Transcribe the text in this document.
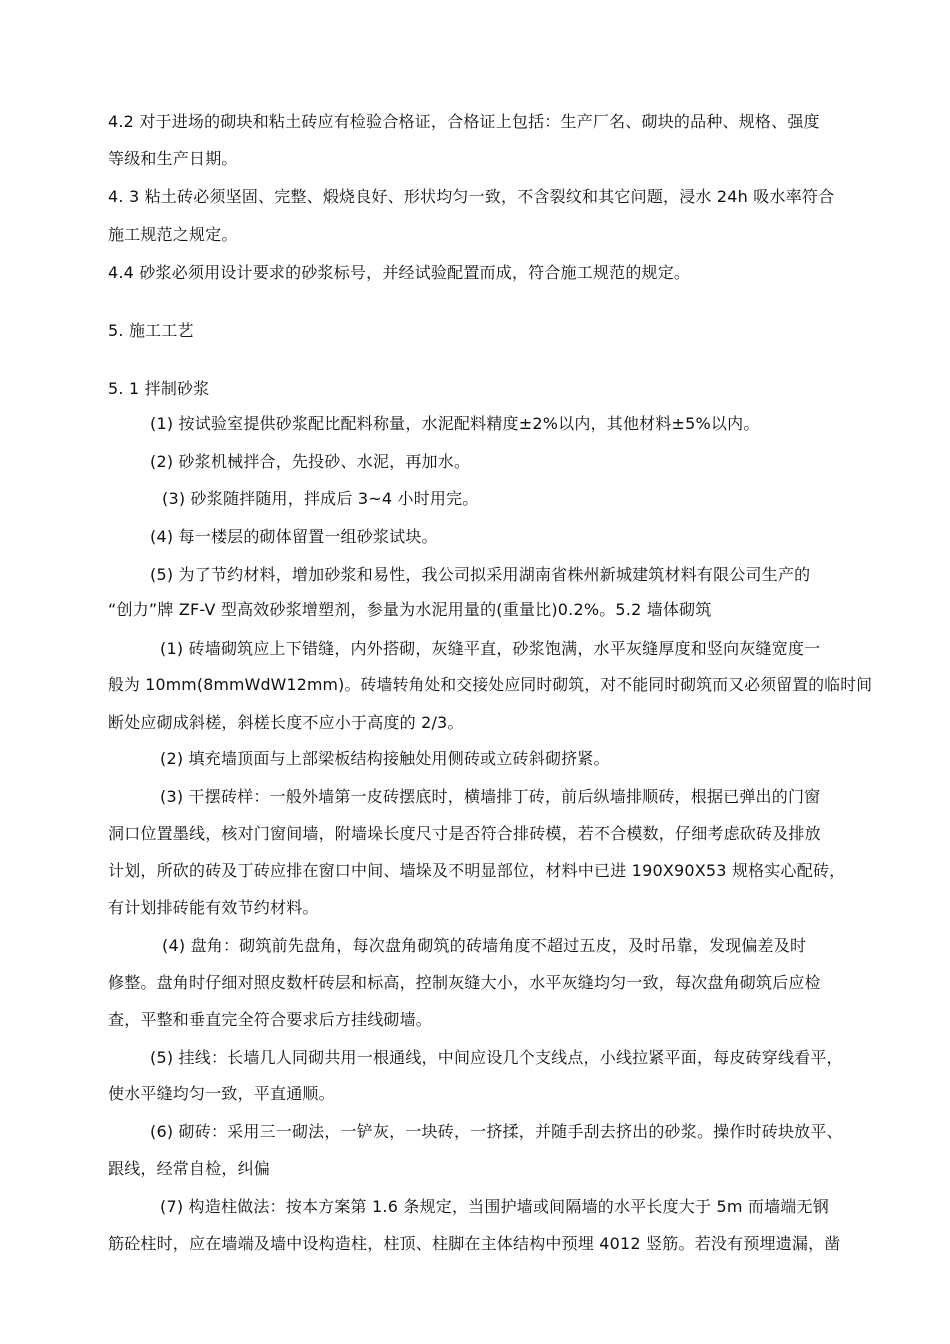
4.2 对于进场的砌块和粘土砖应有检验合格证，合格证上包括：生产厂名、砌块的品种、规格、强度
等级和生产日期。
4. 3 粘土砖必须坚固、完整、煅烧良好、形状均匀一致，不含裂纹和其它问题，浸水 24h 吸水率符合
施工规范之规定。
4.4 砂浆必须用设计要求的砂浆标号，并经试验配置而成，符合施工规范的规定。
5. 施工工艺
5. 1 拌制砂浆
(1) 按试验室提供砂浆配比配料称量，水泥配料精度±2%以内，其他材料±5%以内。
(2) 砂浆机械拌合，先投砂、水泥，再加水。
(3) 砂浆随拌随用，拌成后 3~4 小时用完。
(4) 每一楼层的砌体留置一组砂浆试块。
(5) 为了节约材料，增加砂浆和易性，我公司拟采用湖南省株州新城建筑材料有限公司生产的
“创力”牌 ZF-V 型高效砂浆增塑剂，参量为水泥用量的(重量比)0.2%。5.2 墙体砌筑
(1) 砖墙砌筑应上下错缝，内外搭砌，灰缝平直，砂浆饱满，水平灰缝厚度和竖向灰缝宽度一
般为 10mm(8mmWdW12mm)。砖墙转角处和交接处应同时砌筑，对不能同时砌筑而又必须留置的临时间
断处应砌成斜槎，斜槎长度不应小于高度的 2/3。
(2) 填充墙顶面与上部梁板结构接触处用侧砖或立砖斜砌挤紧。
(3) 干摆砖样：一般外墙第一皮砖摆底时，横墙排丁砖，前后纵墙排顺砖，根据已弹出的门窗
洞口位置墨线，核对门窗间墙，附墙垛长度尺寸是否符合排砖模，若不合模数，仔细考虑砍砖及排放
计划，所砍的砖及丁砖应排在窗口中间、墙垛及不明显部位，材料中已进 190X90X53 规格实心配砖，
有计划排砖能有效节约材料。
(4) 盘角：砌筑前先盘角，每次盘角砌筑的砖墙角度不超过五皮，及时吊靠，发现偏差及时
修整。盘角时仔细对照皮数杆砖层和标高，控制灰缝大小，水平灰缝均匀一致，每次盘角砌筑后应检
查，平整和垂直完全符合要求后方挂线砌墙。
(5) 挂线：长墙几人同砌共用一根通线，中间应设几个支线点，小线拉紧平面，每皮砖穿线看平，
使水平缝均匀一致，平直通顺。
(6) 砌砖：采用三一砌法，一铲灰，一块砖，一挤揉，并随手刮去挤出的砂浆。操作时砖块放平、
跟线，经常自检，纠偏
(7) 构造柱做法：按本方案第 1.6 条规定，当围护墙或间隔墙的水平长度大于 5m 而墙端无钢
筋砼柱时，应在墙端及墙中设构造柱，柱顶、柱脚在主体结构中预埋 4012 竖筋。若没有预埋遗漏，凿
